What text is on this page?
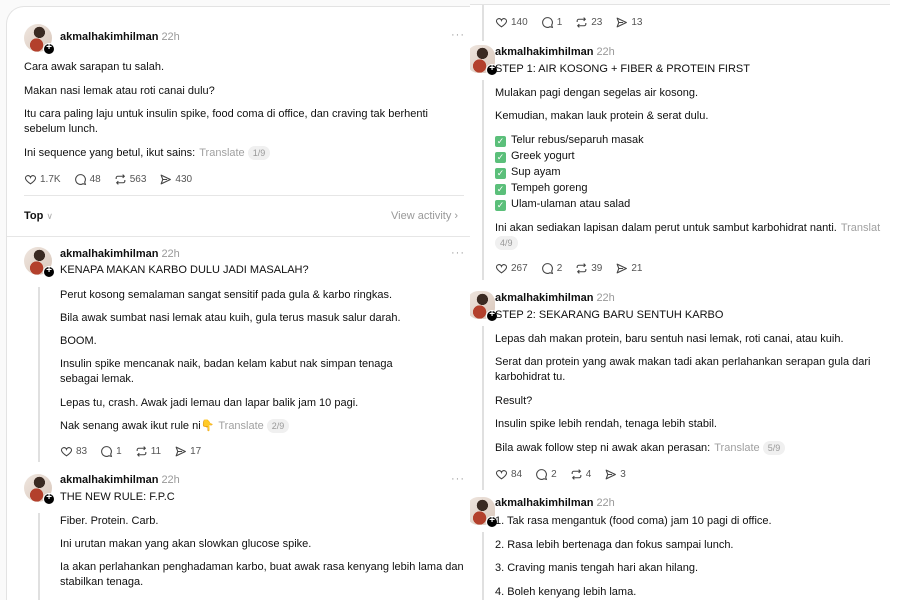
+
akmalhakimhilman 22h	···
Cara awak sarapan tu salah.
Makan nasi lemak atau roti canai dulu?
Itu cara paling laju untuk insulin spike, food coma di office, dan craving tak berhenti sebelum lunch.
Ini sequence yang betul, ikut sains: Translate 1/9
1.7K	48	563	430
Top ∨	View activity ›
+
akmalhakimhilman 22h	···
KENAPA MAKAN KARBO DULU JADI MASALAH?
Perut kosong semalaman sangat sensitif pada gula & karbo ringkas.
Bila awak sumbat nasi lemak atau kuih, gula terus masuk salur darah.
BOOM.
Insulin spike mencanak naik, badan kelam kabut nak simpan tenaga sebagai lemak.
Lepas tu, crash. Awak jadi lemau dan lapar balik jam 10 pagi.
Nak senang awak ikut rule ni👇 Translate 2/9
83	1	11	17
+
akmalhakimhilman 22h	···
THE NEW RULE: F.P.C
Fiber. Protein. Carb.
Ini urutan makan yang akan slowkan glucose spike.
Ia akan perlahankan penghadaman karbo, buat awak rasa kenyang lebih lama dan stabilkan tenaga.
140	1	23	13
+
akmalhakimhilman 22h
STEP 1: AIR KOSONG + FIBER & PROTEIN FIRST
Mulakan pagi dengan segelas air kosong.
Kemudian, makan lauk protein & serat dulu.
✓ Telur rebus/separuh masak
✓ Greek yogurt
✓ Sup ayam
✓ Tempeh goreng
✓ Ulam-ulaman atau salad
Ini akan sediakan lapisan dalam perut untuk sambut karbohidrat nanti. Translat
4/9
267	2	39	21
+
akmalhakimhilman 22h
STEP 2: SEKARANG BARU SENTUH KARBO
Lepas dah makan protein, baru sentuh nasi lemak, roti canai, atau kuih.
Serat dan protein yang awak makan tadi akan perlahankan serapan gula dari karbohidrat tu.
Result?
Insulin spike lebih rendah, tenaga lebih stabil.
Bila awak follow step ni awak akan perasan: Translate 5/9
84	2	4	3
+
akmalhakimhilman 22h
1. Tak rasa mengantuk (food coma) jam 10 pagi di office.
2. Rasa lebih bertenaga dan fokus sampai lunch.
3. Craving manis tengah hari akan hilang.
4. Boleh kenyang lebih lama.
